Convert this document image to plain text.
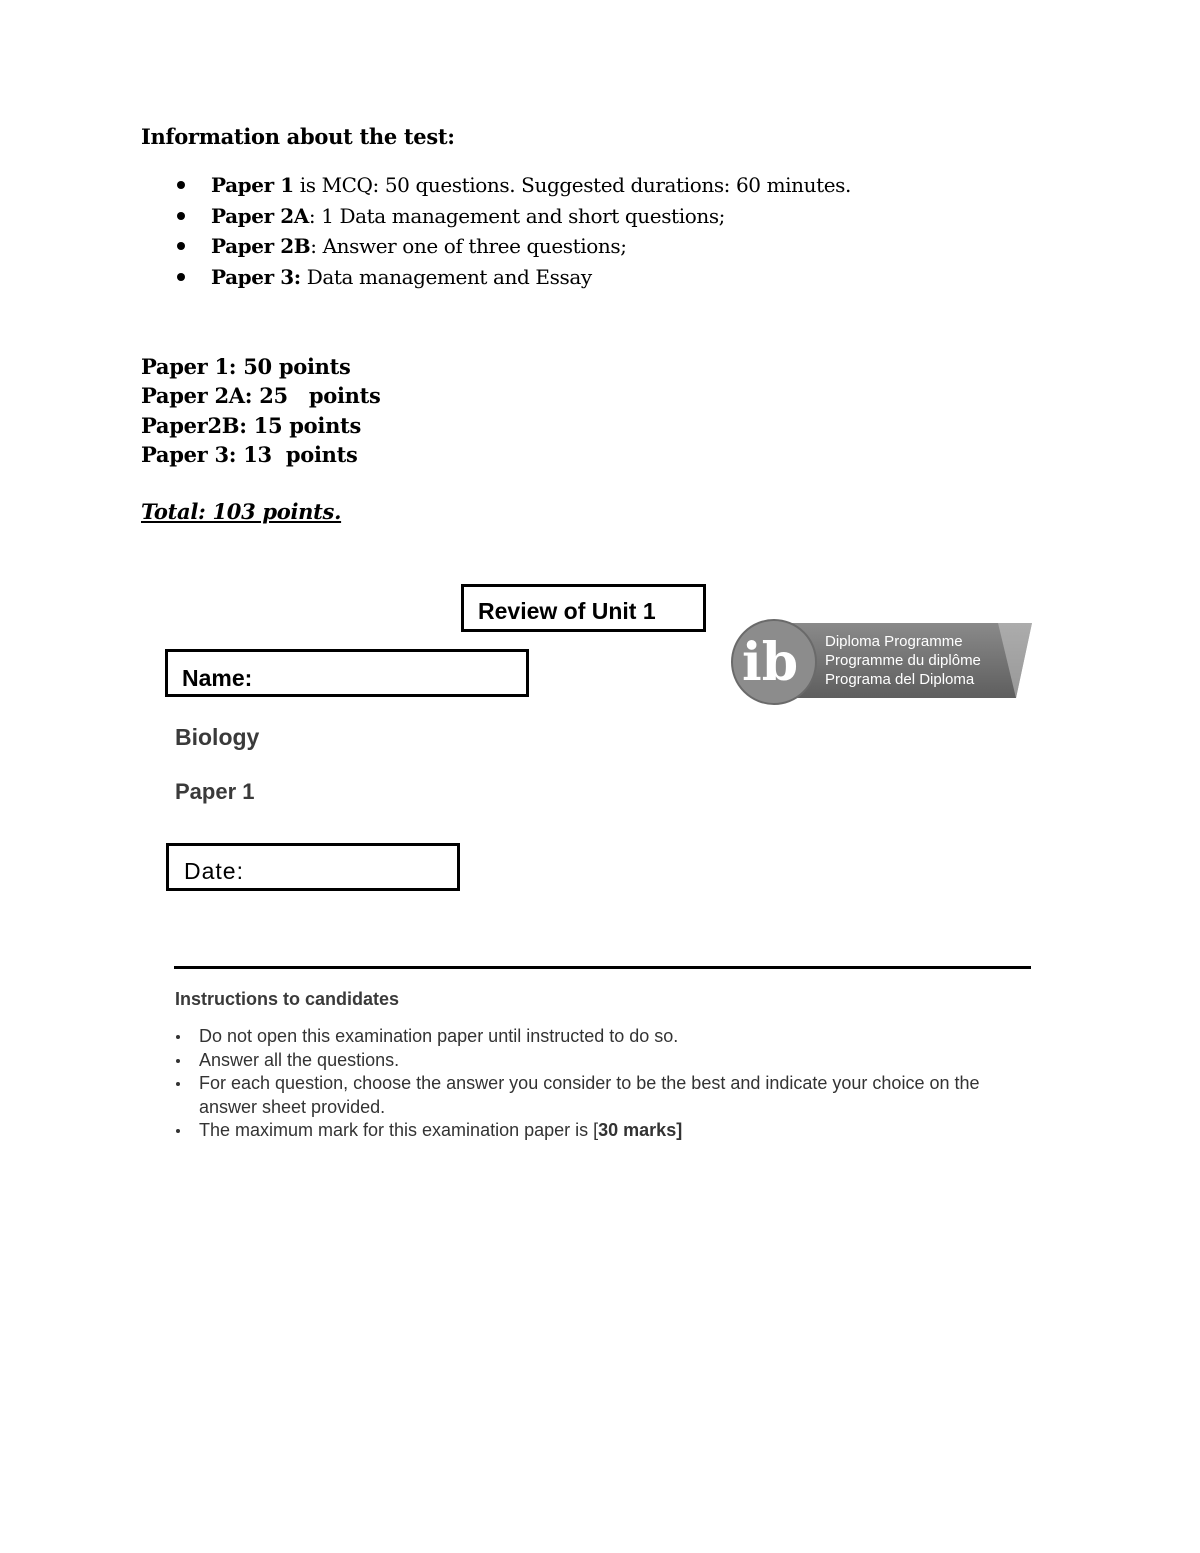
Information about the test:
Paper 1 is MCQ: 50 questions. Suggested durations: 60 minutes.
Paper 2A: 1 Data management and short questions;
Paper 2B: Answer one of three questions;
Paper 3: Data management and Essay
Paper 1: 50 points
Paper 2A: 25   points
Paper2B: 15 points
Paper 3: 13  points
Total: 103 points.
Review of Unit 1
ib Diploma Programme
Programme du diplôme
Programa del Diploma
Name:
Biology
Paper 1
Date:
Instructions to candidates
Do not open this examination paper until instructed to do so.
Answer all the questions.
For each question, choose the answer you consider to be the best and indicate your choice on the answer sheet provided.
The maximum mark for this examination paper is [30 marks]
